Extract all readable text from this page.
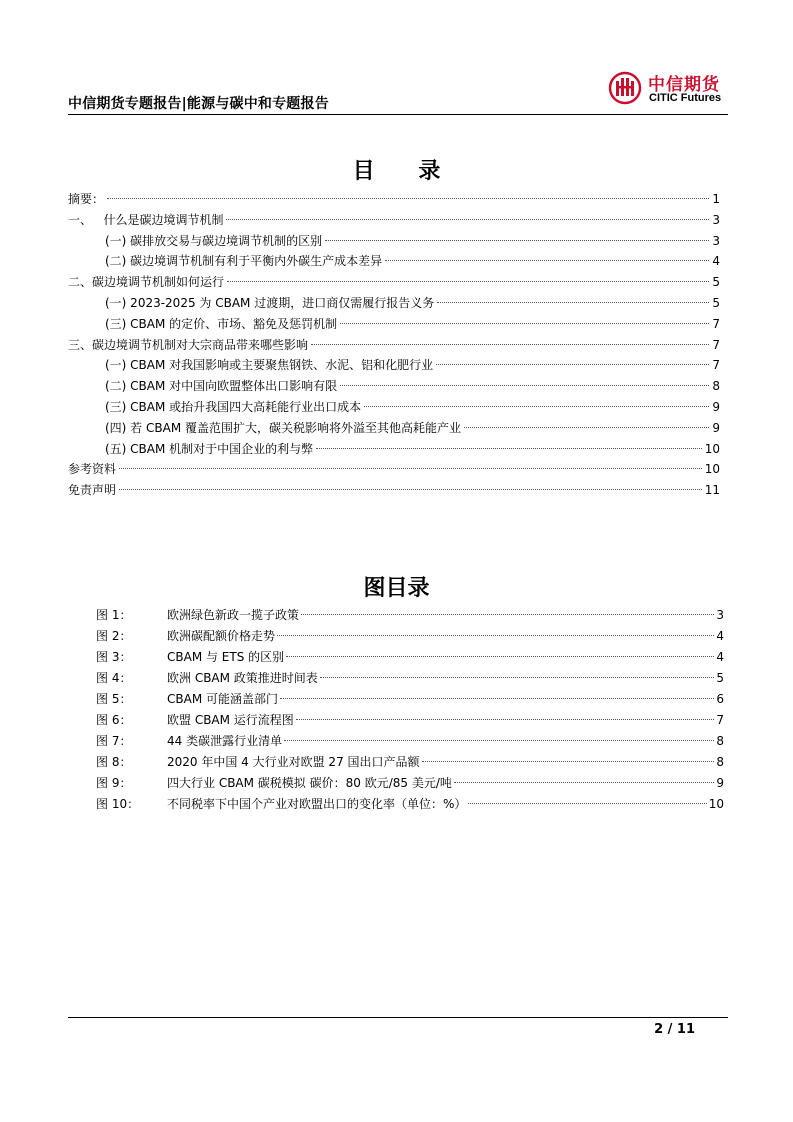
中信期货专题报告|能源与碳中和专题报告
中信期货
CITIC Futures
目 录
摘要：	1
一、   什么是碳边境调节机制	3
(一) 碳排放交易与碳边境调节机制的区别	3
(二) 碳边境调节机制有利于平衡内外碳生产成本差异	4
二、碳边境调节机制如何运行	5
(一) 2023-2025 为 CBAM 过渡期，进口商仅需履行报告义务	5
(三) CBAM 的定价、市场、豁免及惩罚机制	7
三、碳边境调节机制对大宗商品带来哪些影响	7
(一) CBAM 对我国影响或主要聚焦钢铁、水泥、铝和化肥行业	7
(二) CBAM 对中国向欧盟整体出口影响有限	8
(三) CBAM 或抬升我国四大高耗能行业出口成本	9
(四) 若 CBAM 覆盖范围扩大，碳关税影响将外溢至其他高耗能产业	9
(五) CBAM 机制对于中国企业的利与弊	10
参考资料	10
免责声明	11
图目录
图 1：	欧洲绿色新政一揽子政策	3
图 2：	欧洲碳配额价格走势	4
图 3：	CBAM 与 ETS 的区别	4
图 4：	欧洲 CBAM 政策推进时间表	5
图 5：	CBAM 可能涵盖部门	6
图 6：	欧盟 CBAM 运行流程图	7
图 7：	44 类碳泄露行业清单	8
图 8：	2020 年中国 4 大行业对欧盟 27 国出口产品额	8
图 9：	四大行业 CBAM 碳税模拟 碳价：80 欧元/85 美元/吨	9
图 10：	不同税率下中国个产业对欧盟出口的变化率（单位：%）	10
2 / 11
